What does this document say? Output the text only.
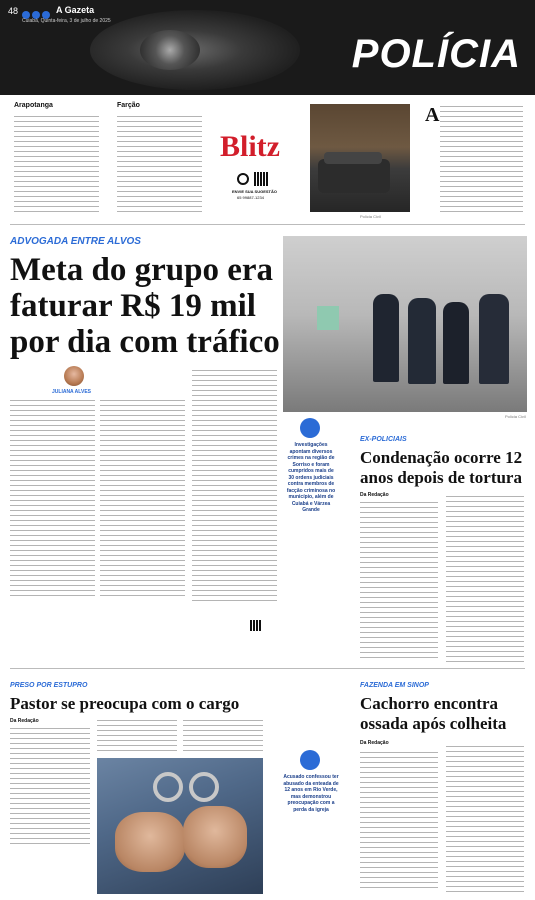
48	A Gazeta
Cuiabá, Quinta-feira, 3 de julho de 2025
POLÍCIA
Arapotanga	Farção
Blitz
ENVIE SUA SUGESTÃO
65 99887-1234
Polícia Civil
A
ADVOGADA ENTRE ALVOS
Meta do grupo era
faturar R$ 19 mil
por dia com tráfico
JULIANA ALVES
Polícia Civil
Investigações apontam diversos crimes na região de Sorriso e foram cumpridos mais de 30 ordens judiciais contra membros de facção criminosa no município, além de Cuiabá e Várzea Grande
EX-POLICIAIS
Condenação ocorre 12
anos depois de tortura
Da Redação
PRESO POR ESTUPRO
Pastor se preocupa com o cargo
Da Redação
Acusado confessou ter abusado da enteada de 12 anos em Rio Verde, mas demonstrou preocupação com a perda da igreja
FAZENDA EM SINOP
Cachorro encontra
ossada após colheita
Da Redação
